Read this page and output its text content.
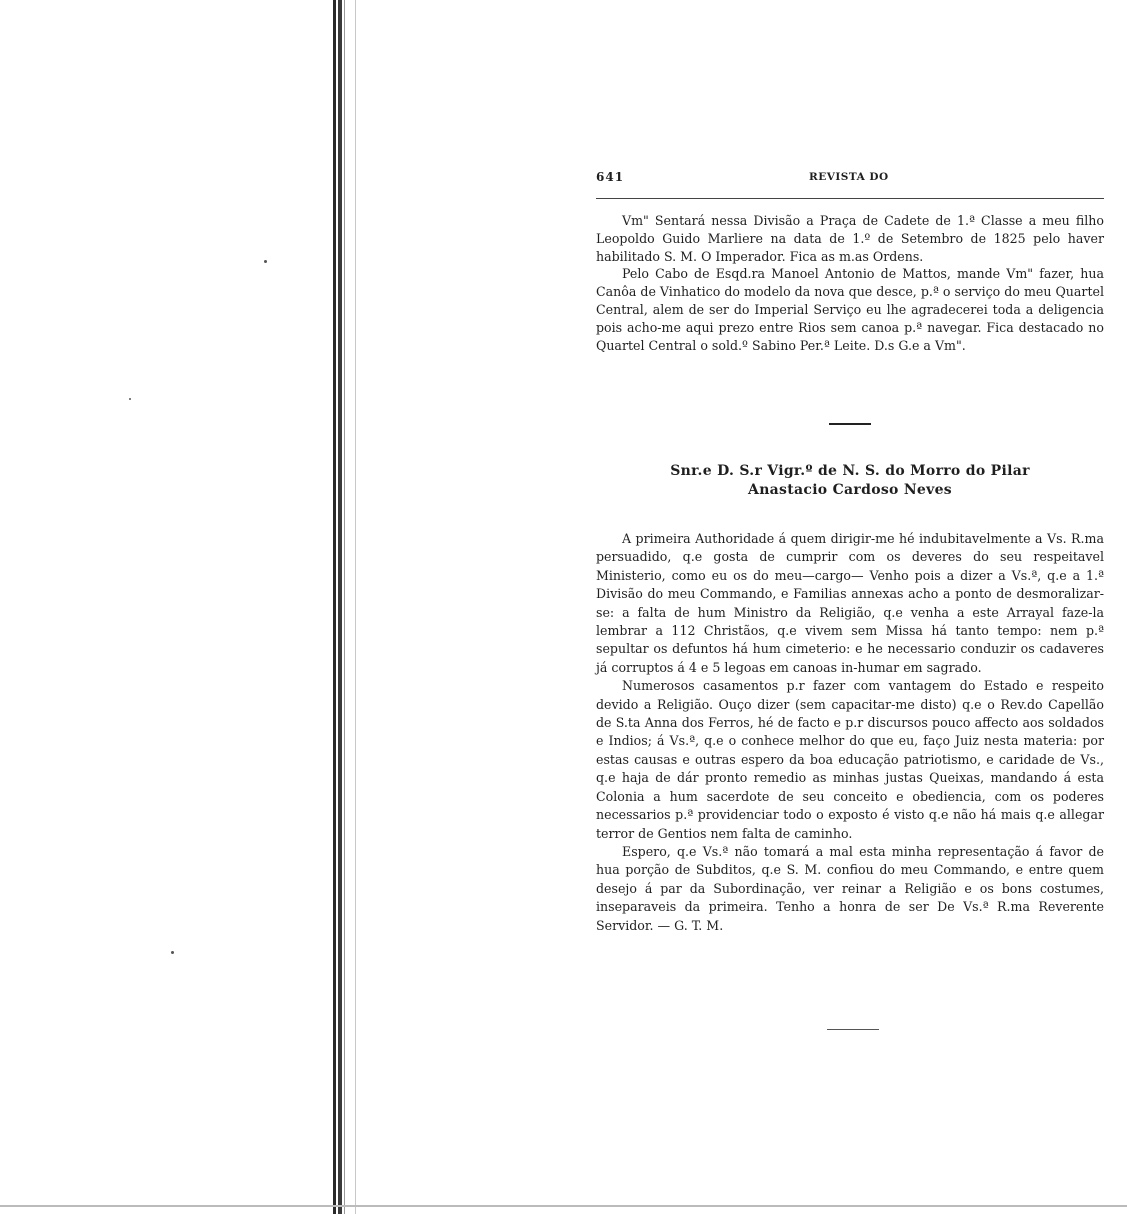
641	REVISTA DO

Vm" Sentará nessa Divisão a Praça de Cadete de 1.ª Classe a meu filho Leopoldo Guido Marliere na data de 1.º de Setembro de 1825 pelo haver habilitado S. M. O Imperador. Fica as m.as Ordens.

Pelo Cabo de Esqd.ra Manoel Antonio de Mattos, mande Vm" fazer, hua Canôa de Vinhatico do modelo da nova que desce, p.ª o serviço do meu Quartel Central, alem de ser do Imperial Serviço eu lhe agradecerei toda a deligencia pois acho-me aqui prezo entre Rios sem canoa p.ª navegar. Fica destacado no Quartel Central o sold.º Sabino Per.ª Leite. D.s G.e a Vm".

Snr.e D. S.r Vigr.º de N. S. do Morro do Pilar
Anastacio Cardoso Neves

A primeira Authoridade á quem dirigir-me hé indubitavelmente a Vs. R.ma persuadido, q.e gosta de cumprir com os deveres do seu respeitavel Ministerio, como eu os do meu—cargo— Venho pois a dizer a Vs.ª, q.e a 1.ª Divisão do meu Commando, e Familias annexas acho a ponto de desmoralizar-se: a falta de hum Ministro da Religião, q.e venha a este Arrayal faze-la lembrar a 112 Christãos, q.e vivem sem Missa há tanto tempo: nem p.ª sepultar os defuntos há hum cimeterio: e he necessario conduzir os cadaveres já corruptos á 4 e 5 legoas em canoas in-humar em sagrado.

Numerosos casamentos p.r fazer com vantagem do Estado e respeito devido a Religião. Ouço dizer (sem capacitar-me disto) q.e o Rev.do Capellão de S.ta Anna dos Ferros, hé de facto e p.r discursos pouco affecto aos soldados e Indios; á Vs.ª, q.e o conhece melhor do que eu, faço Juiz nesta materia: por estas causas e outras espero da boa educação patriotismo, e caridade de Vs., q.e haja de dár pronto remedio as minhas justas Queixas, mandando á esta Colonia a hum sacerdote de seu conceito e obediencia, com os poderes necessarios p.ª providenciar todo o exposto é visto q.e não há mais q.e allegar terror de Gentios nem falta de caminho.

Espero, q.e Vs.ª não tomará a mal esta minha representação á favor de hua porção de Subditos, q.e S. M. confiou do meu Commando, e entre quem desejo á par da Subordinação, ver reinar a Religião e os bons costumes, inseparaveis da primeira. Tenho a honra de ser De Vs.ª R.ma Reverente Servidor. — G. T. M.
